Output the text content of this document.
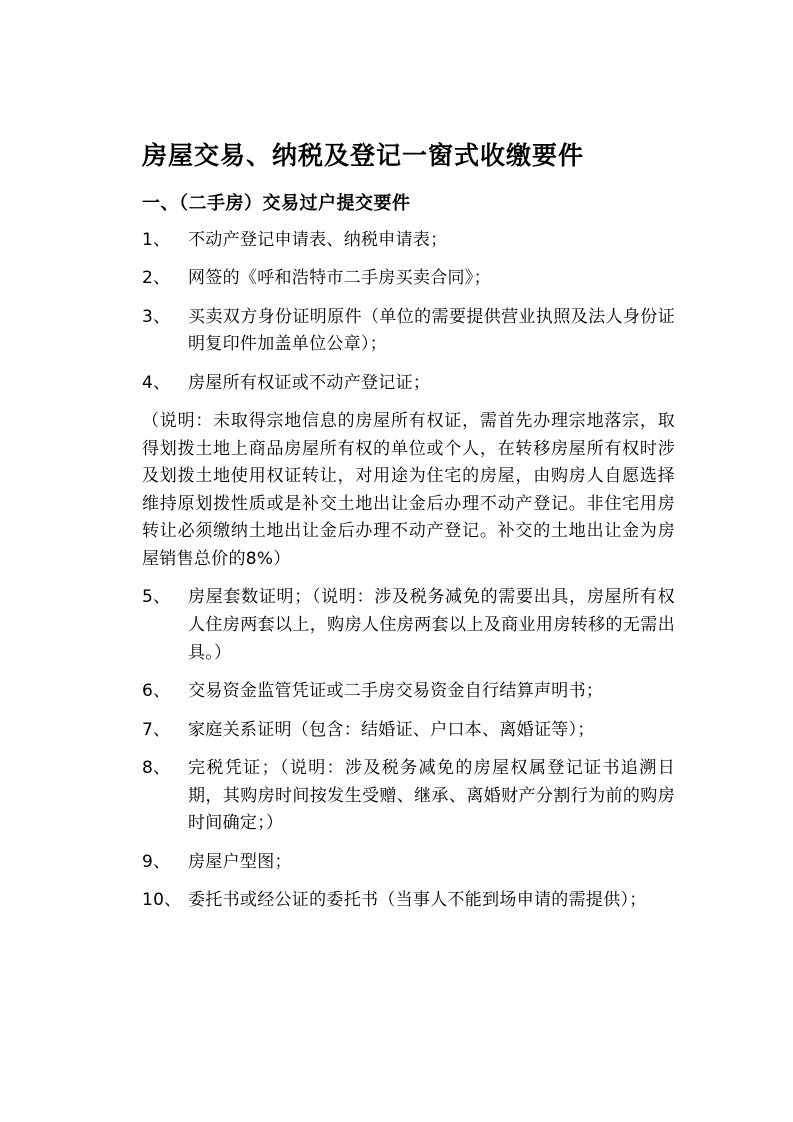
房屋交易、纳税及登记一窗式收缴要件
一、（二手房）交易过户提交要件
1、	不动产登记申请表、纳税申请表；
2、	网签的《呼和浩特市二手房买卖合同》；
3、	买卖双方身份证明原件（单位的需要提供营业执照及法人身份证明复印件加盖单位公章）；
4、	房屋所有权证或不动产登记证；

（说明：未取得宗地信息的房屋所有权证，需首先办理宗地落宗，取得划拨土地上商品房屋所有权的单位或个人，在转移房屋所有权时涉及划拨土地使用权证转让，对用途为住宅的房屋，由购房人自愿选择维持原划拨性质或是补交土地出让金后办理不动产登记。非住宅用房转让必须缴纳土地出让金后办理不动产登记。补交的土地出让金为房屋销售总价的8%）

5、	房屋套数证明；（说明：涉及税务减免的需要出具，房屋所有权人住房两套以上，购房人住房两套以上及商业用房转移的无需出具。）
6、	交易资金监管凭证或二手房交易资金自行结算声明书；
7、	家庭关系证明（包含：结婚证、户口本、离婚证等）；
8、	完税凭证；（说明：涉及税务减免的房屋权属登记证书追溯日期，其购房时间按发生受赠、继承、离婚财产分割行为前的购房时间确定；）
9、	房屋户型图；
10、 委托书或经公证的委托书（当事人不能到场申请的需提供）；
